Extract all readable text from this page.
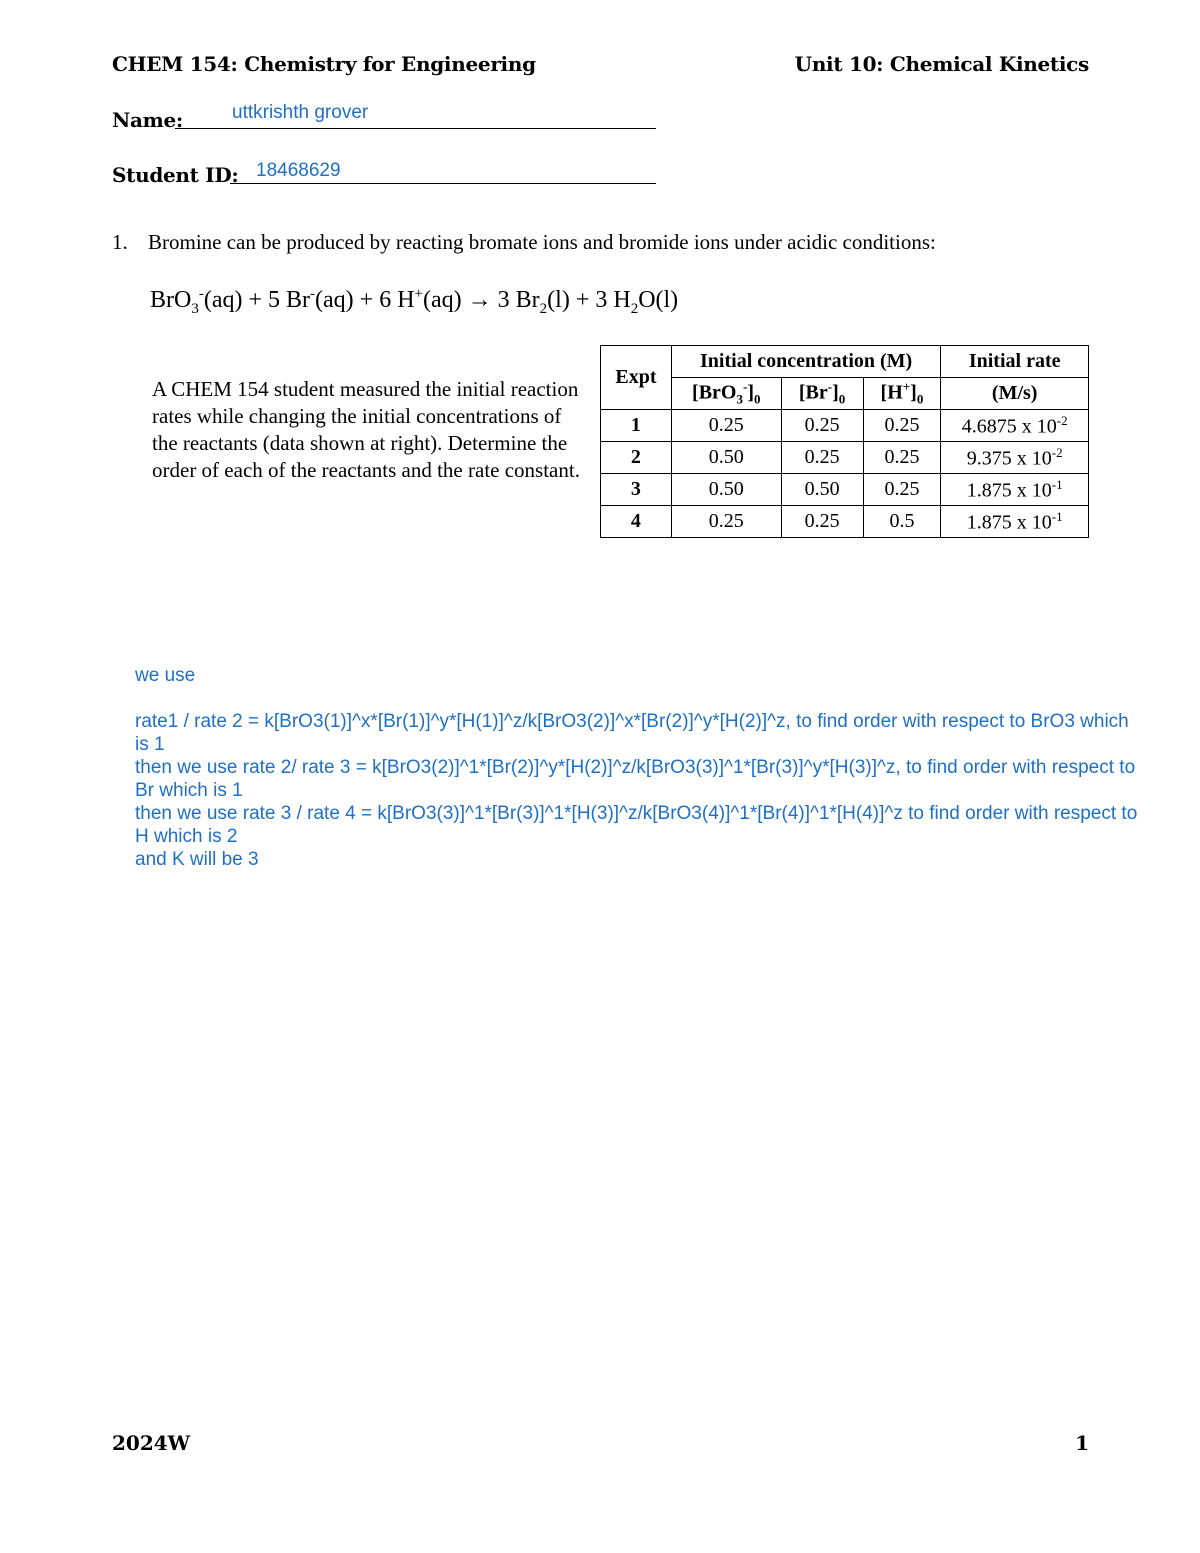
CHEM 154: Chemistry for Engineering	Unit 10: Chemical Kinetics
Name:	uttkrishth grover
Student ID: 18468629
1. Bromine can be produced by reacting bromate ions and bromide ions under acidic conditions:
BrO$_3$-(aq) + 5 Br-(aq) + 6 H+(aq) → 3 $Br_2(l) + 3$ $H_2O(l)$
A CHEM 154 student measured the initial reaction rates while changing the initial concentrations of the reactants (data shown at right). Determine the order of each of the reactants and the rate constant.
Expt	Initial concentration (M)			Initial rate
	$[BrO_3^-]_0$	$[Br^-]_0$	$[H^+]_0$	(M/s)
1	0.25	0.25	0.25	4.6875 x $10^{-2}$
2	0.50	0.25	0.25	9.375 x $10^{-2}$
3	0.50	0.50	0.25	1.875 x $10^{-1}$
4	0.25	0.25	0.5	1.875 x $10^{-1}$

we use

rate1 / rate 2 = k[BrO3(1)]^x*[Br(1)]^y*[H(1)]^z/k[BrO3(2)]^x*[Br(2)]^y*[H(2)]^z, to find order with respect to BrO3 which is 1

then we use rate 2/ rate 3 = k[BrO3(2)]^1*[Br(2)]^y*[H(2)]^z/k[BrO3(3)]^1*[Br(3)]^y*[H(3)]^z, to find order with respect to Br which is 1

then we use rate 3 / rate 4 = k[BrO3(3)]^1*[Br(3)]^1*[H(3)]^z/k[BrO3(4)]^1*[Br(4)]^1*[H(4)]^z to find order with respect to H which is 2

and K will be 3

2024W	1
